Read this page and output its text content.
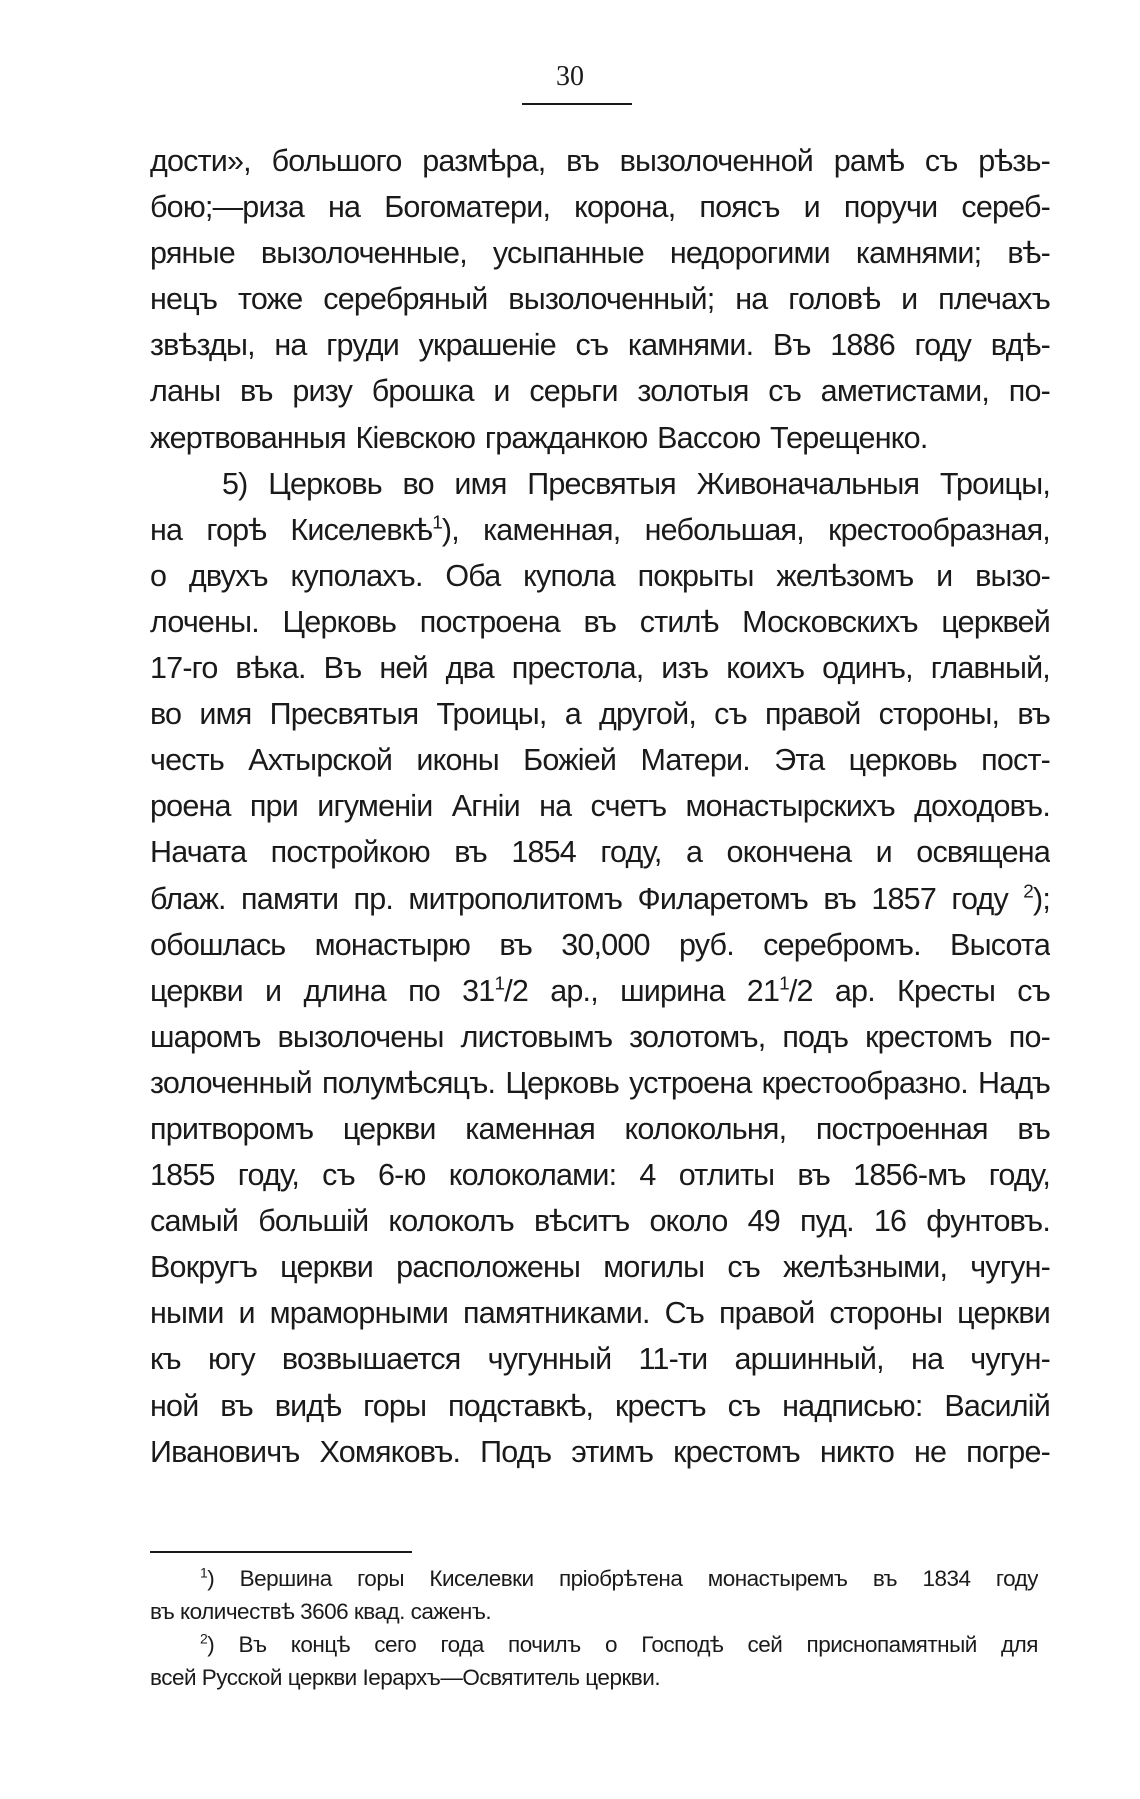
30
дости», большого размѣра, въ вызолоченной рамѣ съ рѣзь-
бою;—риза на Богоматери, корона, поясъ и поручи сереб-
ряные вызолоченные, усыпанные недорогими камнями; вѣ-
нецъ тоже серебряный вызолоченный; на головѣ и плечахъ
звѣзды, на груди украшеніе съ камнями. Въ 1886 году вдѣ-
ланы въ ризу брошка и серьги золотыя съ аметистами, по-
жертвованныя Кіевскою гражданкою Вассою Терещенко.
5) Церковь во имя Пресвятыя Живоначальныя Троицы,
на горѣ Киселевкѣ$^1$), каменная, небольшая, крестообразная,
о двухъ куполахъ. Оба купола покрыты желѣзомъ и вызо-
лочены. Церковь построена въ стилѣ Московскихъ церквей
17-го вѣка. Въ ней два престола, изъ коихъ одинъ, главный,
во имя Пресвятыя Троицы, а другой, съ правой стороны, въ
честь Ахтырской иконы Божіей Матери. Эта церковь пост-
роена при игуменіи Агніи на счетъ монастырскихъ доходовъ.
Начата постройкою въ 1854 году, а окончена и освящена
блаж. памяти пр. митрополитомъ Филаретомъ въ 1857 году $^2$);
обошлась монастырю въ 30,000 руб. серебромъ. Высота
церкви и длина по $31^1/2$ ар., ширина $21^1/2$ ар. Кресты съ
шаромъ вызолочены листовымъ золотомъ, подъ крестомъ по-
золоченный полумѣсяцъ. Церковь устроена крестообразно. Надъ
притворомъ церкви каменная колокольня, построенная въ
1855 году, съ 6-ю колоколами: 4 отлиты въ 1856-мъ году,
самый большій колоколъ вѣситъ около 49 пуд. 16 фунтовъ.
Вокругъ церкви расположены могилы съ желѣзными, чугун-
ными и мраморными памятниками. Съ правой стороны церкви
къ югу возвышается чугунный 11-ти аршинный, на чугун-
ной въ видѣ горы подставкѣ, крестъ съ надписью: Василій
Ивановичъ Хомяковъ. Подъ этимъ крестомъ никто не погре-
$^1$) Вершина горы Киселевки пріобрѣтена монастыремъ въ 1834 году
въ количествѣ 3606 квад. саженъ.
$^2$) Въ концѣ сего года почилъ о Господѣ сей приснопамятный для
всей Русской церкви Іерархъ—Освятитель церкви.
